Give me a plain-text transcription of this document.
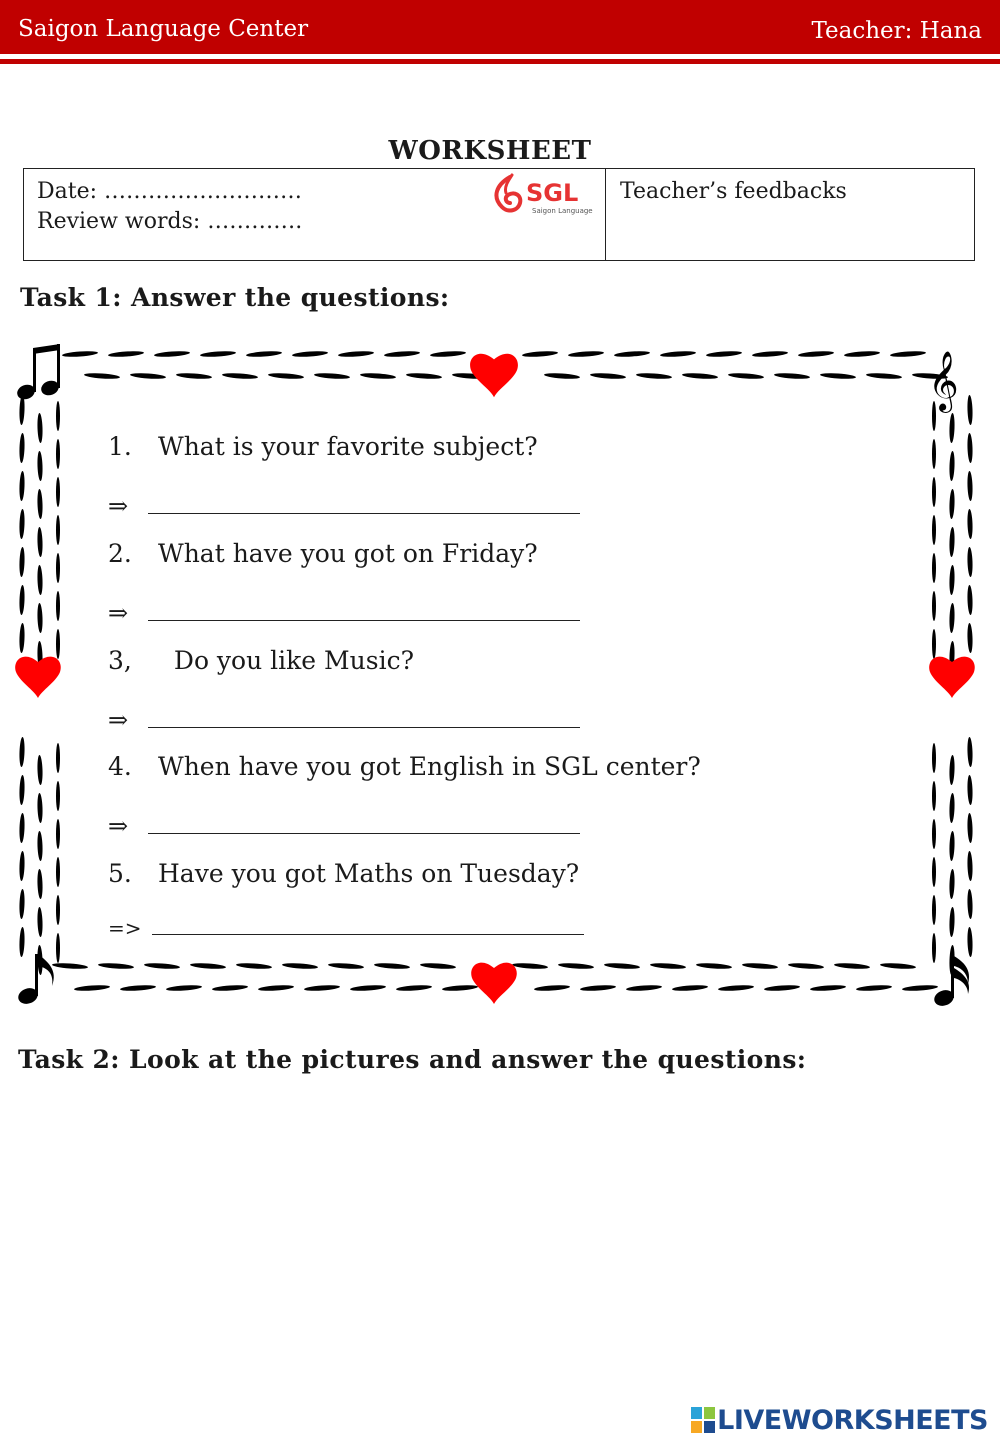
Saigon Language Center	Teacher: Hana
WORKSHEET
Date: ………………………
Review words: ………….
SGL
Saigon Language
Teacher’s feedbacks
Task 1: Answer the questions:
𝄞
1. What is your favorite subject?
⇒
2. What have you got on Friday?
⇒
3,  Do you like Music?
⇒
4. When have you got English in SGL center?
⇒
5. Have you got Maths on Tuesday?
=>
Task 2: Look at the pictures and answer the questions:
LIVEWORKSHEETS
